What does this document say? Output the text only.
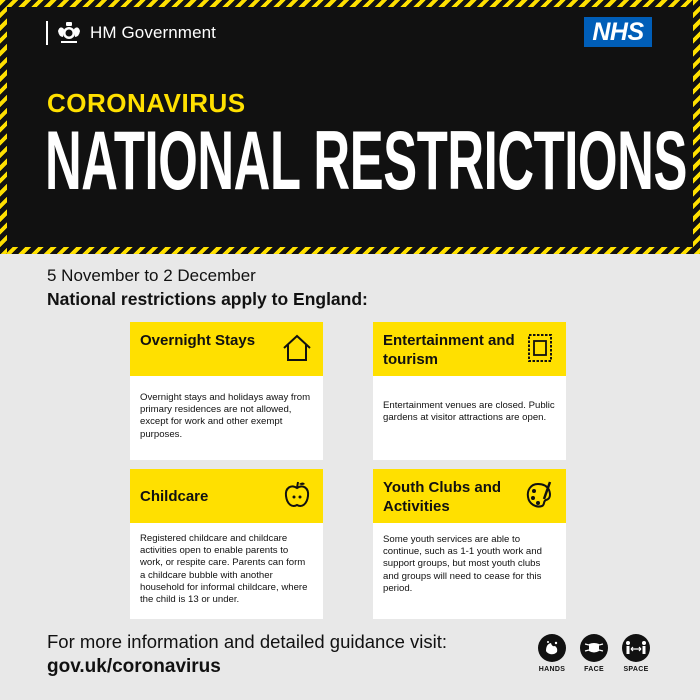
HM Government	NHS
CORONAVIRUS
NATIONAL RESTRICTIONS
5 November to 2 December
National restrictions apply to England:
Overnight Stays
Overnight stays and holidays away from primary residences are not allowed, except for work and other exempt purposes.
Entertainment and tourism
Entertainment venues are closed. Public gardens at visitor attractions are open.
Childcare
Registered childcare and childcare activities open to enable parents to work, or respite care. Parents can form a childcare bubble with another household for informal childcare, where the child is 13 or under.
Youth Clubs and Activities
Some youth services are able to continue, such as 1-1 youth work and support groups, but most youth clubs and groups will need to cease for this period.
For more information and detailed guidance visit:
gov.uk/coronavirus	HANDS	FACE	SPACE
